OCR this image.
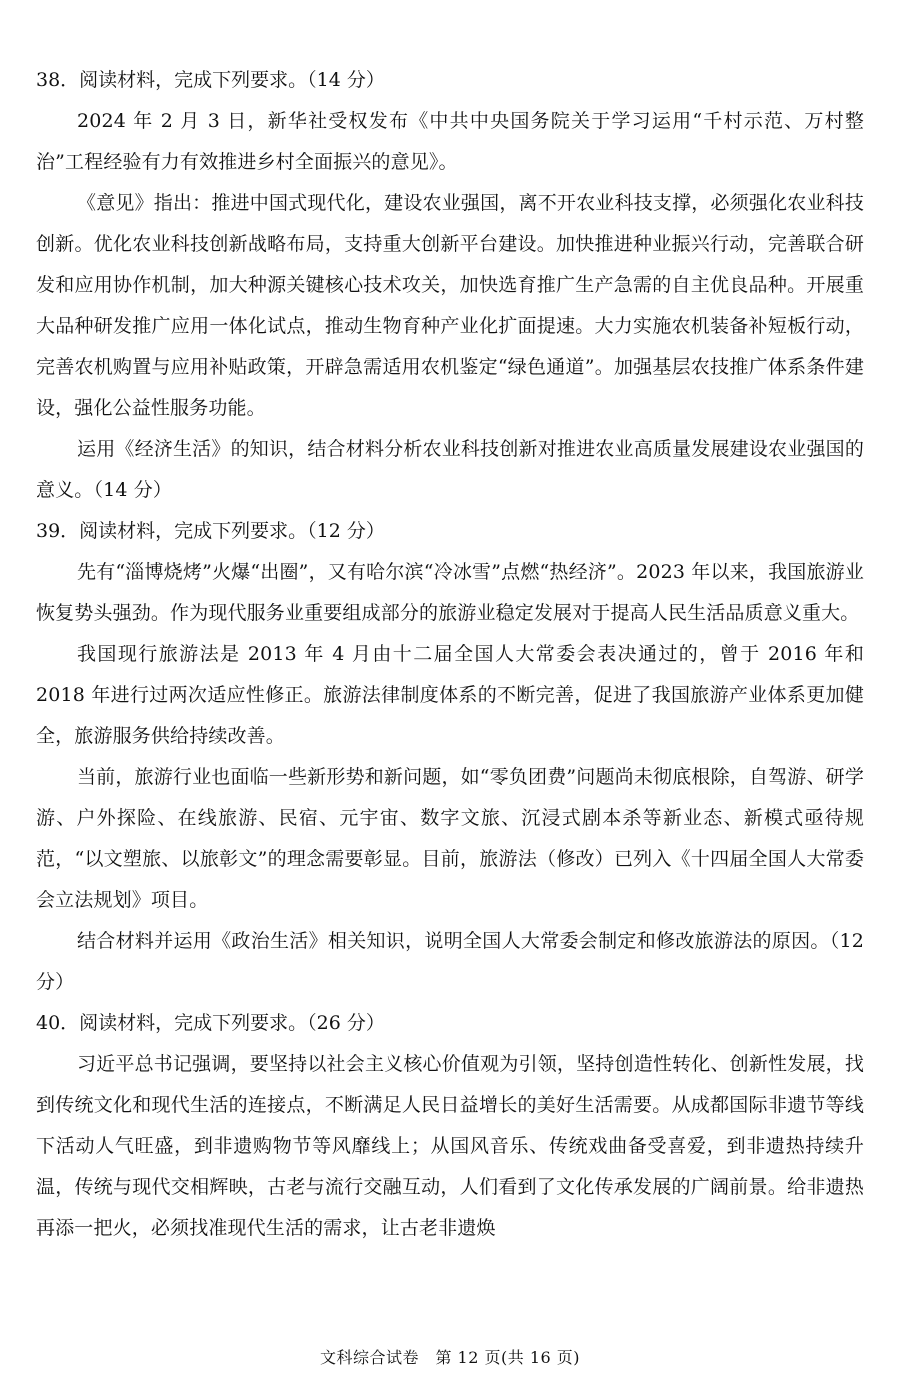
38．阅读材料，完成下列要求。（14 分）

2024 年 2 月 3 日，新华社受权发布《中共中央国务院关于学习运用“千村示范、万村整治”工程经验有力有效推进乡村全面振兴的意见》。

《意见》指出：推进中国式现代化，建设农业强国，离不开农业科技支撑，必须强化农业科技创新。优化农业科技创新战略布局，支持重大创新平台建设。加快推进种业振兴行动，完善联合研发和应用协作机制，加大种源关键核心技术攻关，加快选育推广生产急需的自主优良品种。开展重大品种研发推广应用一体化试点，推动生物育种产业化扩面提速。大力实施农机装备补短板行动，完善农机购置与应用补贴政策，开辟急需适用农机鉴定“绿色通道”。加强基层农技推广体系条件建设，强化公益性服务功能。

运用《经济生活》的知识，结合材料分析农业科技创新对推进农业高质量发展建设农业强国的意义。（14 分）

39．阅读材料，完成下列要求。（12 分）

先有“淄博烧烤”火爆“出圈”，又有哈尔滨“冷冰雪”点燃“热经济”。2023 年以来，我国旅游业恢复势头强劲。作为现代服务业重要组成部分的旅游业稳定发展对于提高人民生活品质意义重大。

我国现行旅游法是 2013 年 4 月由十二届全国人大常委会表决通过的，曾于 2016 年和 2018 年进行过两次适应性修正。旅游法律制度体系的不断完善，促进了我国旅游产业体系更加健全，旅游服务供给持续改善。

当前，旅游行业也面临一些新形势和新问题，如“零负团费”问题尚未彻底根除，自驾游、研学游、户外探险、在线旅游、民宿、元宇宙、数字文旅、沉浸式剧本杀等新业态、新模式亟待规范，“以文塑旅、以旅彰文”的理念需要彰显。目前，旅游法（修改）已列入《十四届全国人大常委会立法规划》项目。

结合材料并运用《政治生活》相关知识，说明全国人大常委会制定和修改旅游法的原因。（12 分）

40．阅读材料，完成下列要求。（26 分）

习近平总书记强调，要坚持以社会主义核心价值观为引领，坚持创造性转化、创新性发展，找到传统文化和现代生活的连接点，不断满足人民日益增长的美好生活需要。从成都国际非遗节等线下活动人气旺盛，到非遗购物节等风靡线上；从国风音乐、传统戏曲备受喜爱，到非遗热持续升温，传统与现代交相辉映，古老与流行交融互动，人们看到了文化传承发展的广阔前景。给非遗热再添一把火，必须找准现代生活的需求，让古老非遗焕

文科综合试卷　第 12 页(共 16 页)
